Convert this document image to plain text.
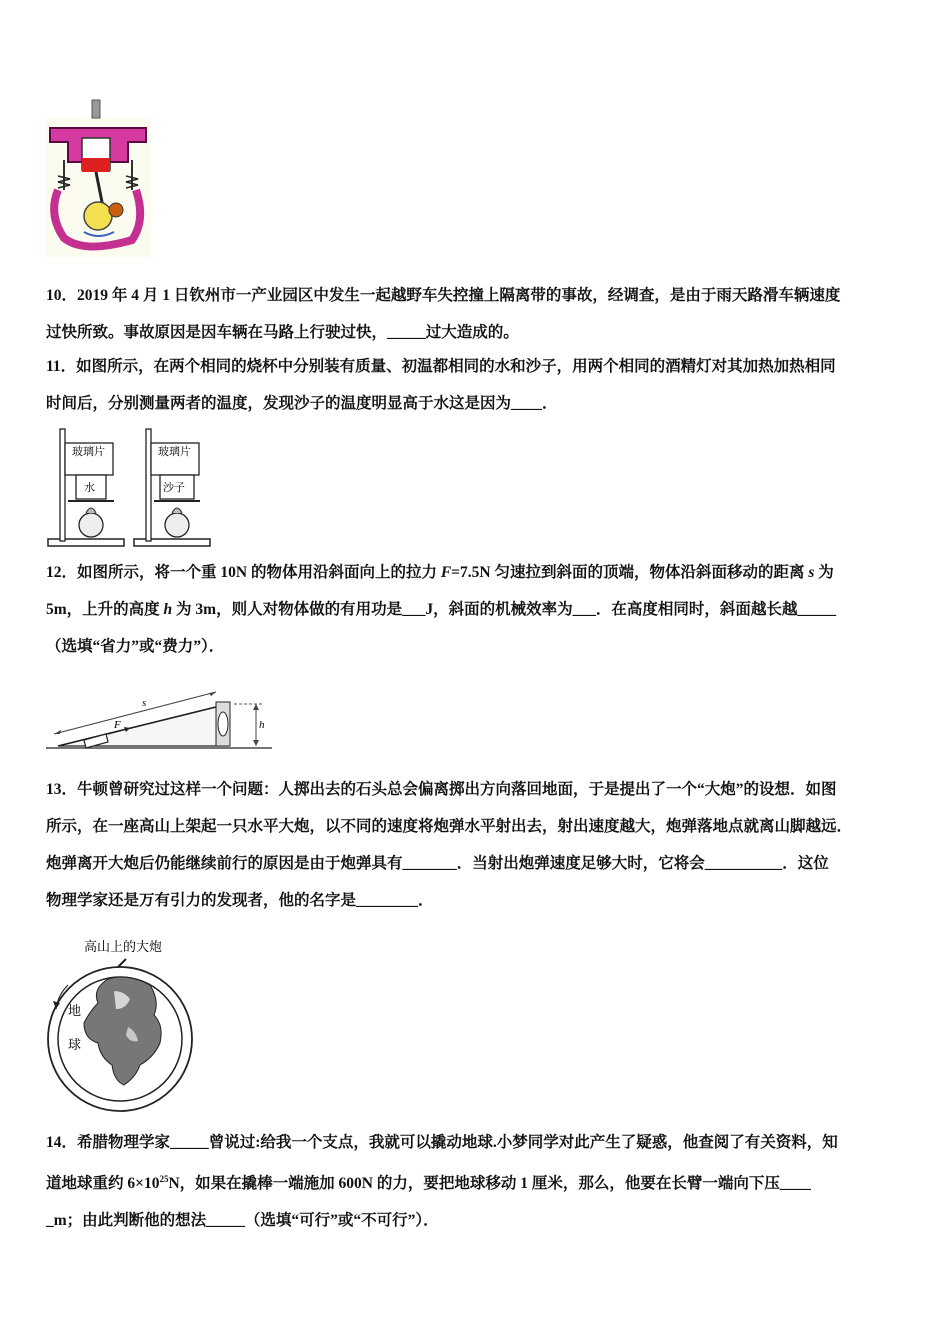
10．2019 年 4 月 1 日钦州市一产业园区中发生一起越野车失控撞上隔离带的事故，经调查，是由于雨天路滑车辆速度
过快所致。事故原因是因车辆在马路上行驶过快，_____过大造成的。
11．如图所示，在两个相同的烧杯中分别装有质量、初温都相同的水和沙子，用两个相同的酒精灯对其加热加热相同
时间后，分别测量两者的温度，发现沙子的温度明显高于水这是因为____．
玻璃片
水
玻璃片
沙子
12．如图所示，将一个重 10N 的物体用沿斜面向上的拉力 F=7.5N 匀速拉到斜面的顶端，物体沿斜面移动的距离 s 为
5m，上升的高度 h 为 3m，则人对物体做的有用功是___J，斜面的机械效率为___．在高度相同时，斜面越长越_____
（选填“省力”或“费力”）．
F
s
h
13．牛顿曾研究过这样一个问题：人掷出去的石头总会偏离掷出方向落回地面，于是提出了一个“大炮”的设想．如图
所示，在一座高山上架起一只水平大炮，以不同的速度将炮弹水平射出去，射出速度越大，炮弹落地点就离山脚越远．
炮弹离开大炮后仍能继续前行的原因是由于炮弹具有_______．当射出炮弹速度足够大时，它将会__________．这位
物理学家还是万有引力的发现者，他的名字是________．
高山上的大炮
地
球
14．希腊物理学家_____曾说过:给我一个支点，我就可以撬动地球.小梦同学对此产生了疑惑，他查阅了有关资料，知
道地球重约 $6\times 10^{25}N$，如果在撬棒一端施加 600N 的力，要把地球移动 1 厘米，那么，他要在长臂一端向下压____
_m；由此判断他的想法_____（选填“可行”或“不可行”）．
